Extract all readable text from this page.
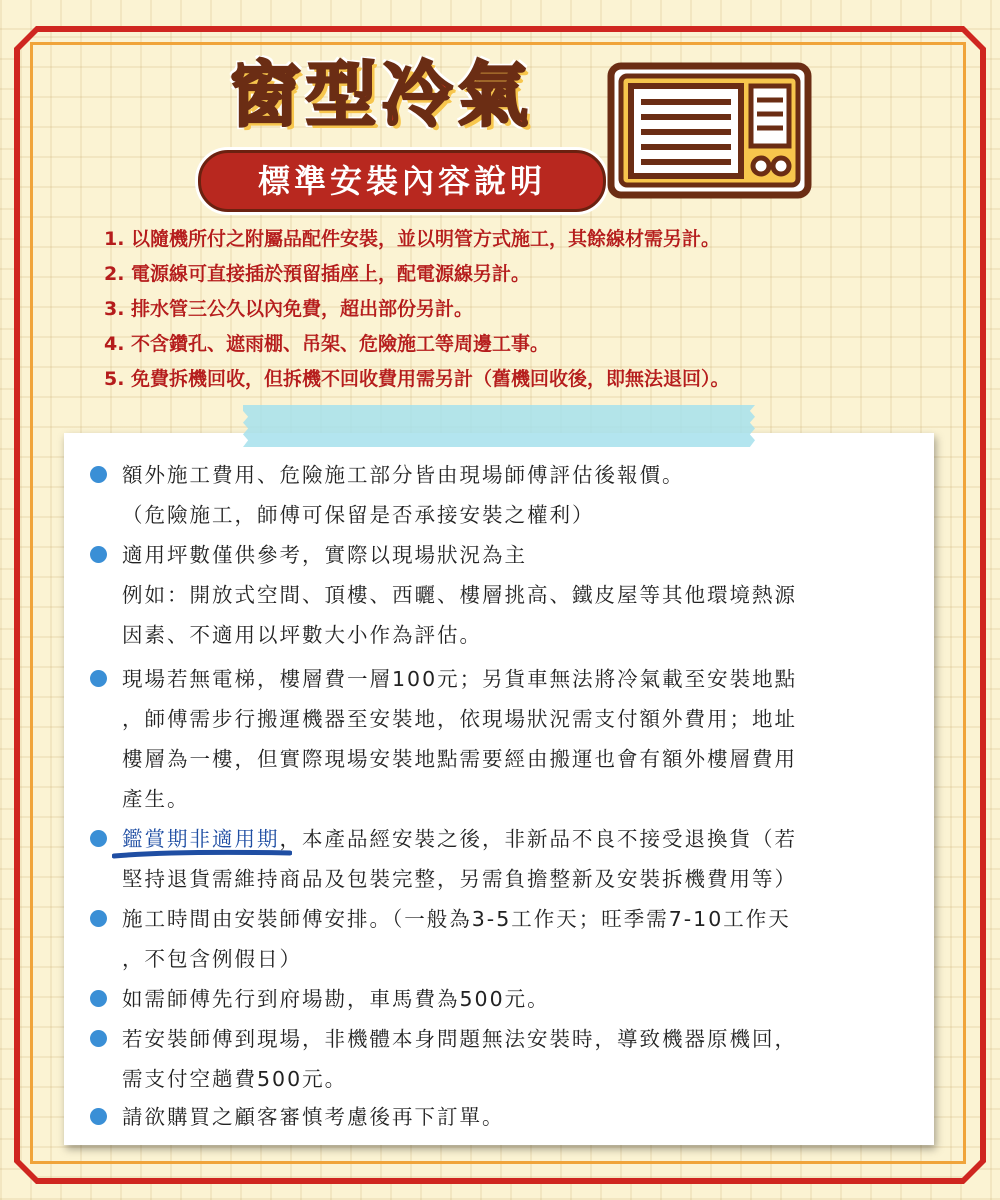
窗型冷氣
標準安裝內容說明
1. 以隨機所付之附屬品配件安裝，並以明管方式施工，其餘線材需另計。
2. 電源線可直接插於預留插座上，配電源線另計。
3. 排水管三公久以內免費，超出部份另計。
4. 不含鑽孔、遮雨棚、吊架、危險施工等周邊工事。
5. 免費拆機回收，但拆機不回收費用需另計（舊機回收後，即無法退回）。
額外施工費用、危險施工部分皆由現場師傅評估後報價。
（危險施工，師傅可保留是否承接安裝之權利）
適用坪數僅供參考，實際以現場狀況為主
例如：開放式空間、頂樓、西曬、樓層挑高、鐵皮屋等其他環境熱源
因素、不適用以坪數大小作為評估。
現場若無電梯，樓層費一層100元；另貨車無法將冷氣載至安裝地點
，師傅需步行搬運機器至安裝地，依現場狀況需支付額外費用；地址
樓層為一樓，但實際現場安裝地點需要經由搬運也會有額外樓層費用
產生。
鑑賞期非適用期，本產品經安裝之後，非新品不良不接受退換貨（若
堅持退貨需維持商品及包裝完整，另需負擔整新及安裝拆機費用等）
施工時間由安裝師傅安排。（一般為3-5工作天；旺季需7-10工作天
，不包含例假日）
如需師傅先行到府場勘，車馬費為500元。
若安裝師傅到現場，非機體本身問題無法安裝時，導致機器原機回，
需支付空趟費500元。
請欲購買之顧客審慎考慮後再下訂單。
